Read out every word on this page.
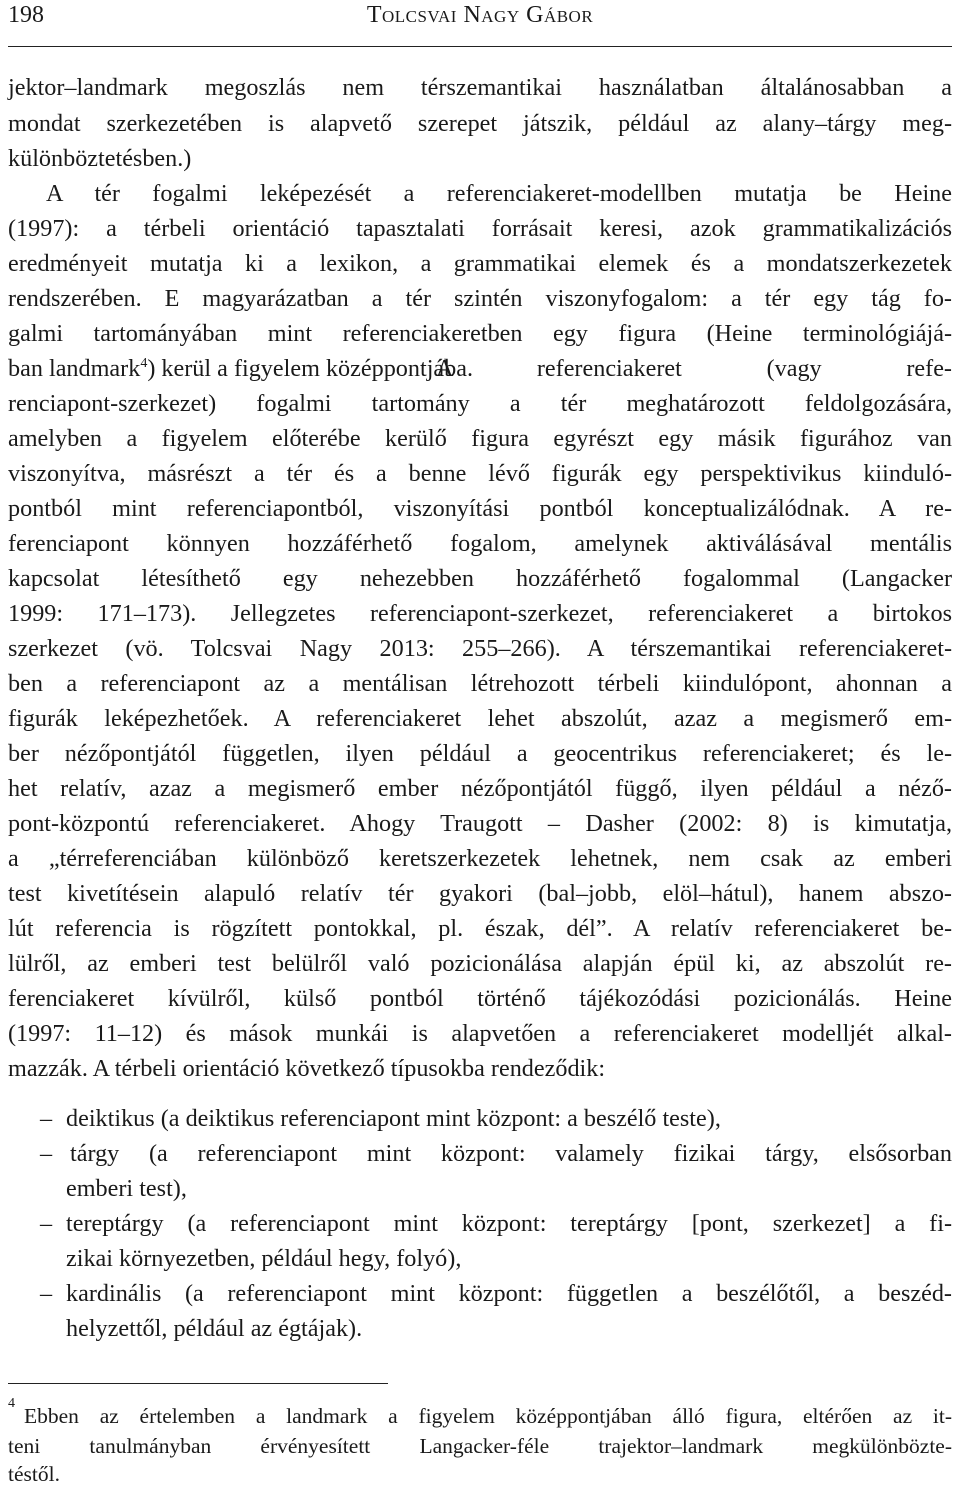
198	Tolcsvai Nagy Gábor
jektor–landmark megoszlás nem térszemantikai használatban általánosabban a
mondat szerkezetében is alapvető szerepet játszik, például az alany–tárgy meg-
különböztetésben.)
A tér fogalmi leképezését a referenciakeret-modellben mutatja be Heine
(1997): a térbeli orientáció tapasztalati forrásait keresi, azok grammatikalizációs
eredményeit mutatja ki a lexikon, a grammatikai elemek és a mondatszerkezetek
rendszerében. E magyarázatban a tér szintén viszonyfogalom: a tér egy tág fo-
galmi tartományában mint referenciakeretben egy figura (Heine terminológiájá-
ban landmark$^4$) kerül a figyelem középpontjába.
A referenciakeret (vagy refe-
renciapont-szerkezet) fogalmi tartomány a tér meghatározott feldolgozására,
amelyben a figyelem előterébe kerülő figura egyrészt egy másik figurához van
viszonyítva, másrészt a tér és a benne lévő figurák egy perspektivikus kiinduló-
pontból mint referenciapontból, viszonyítási pontból konceptualizálódnak. A re-
ferenciapont könnyen hozzáférhető fogalom, amelynek aktiválásával mentális
kapcsolat létesíthető egy nehezebben hozzáférhető fogalommal (Langacker
1999: 171–173). Jellegzetes referenciapont-szerkezet, referenciakeret a birtokos
szerkezet (vö. Tolcsvai Nagy 2013: 255–266). A térszemantikai referenciakeret-
ben a referenciapont az a mentálisan létrehozott térbeli kiindulópont, ahonnan a
figurák leképezhetőek. A referenciakeret lehet abszolút, azaz a megismerő em-
ber nézőpontjától független, ilyen például a geocentrikus referenciakeret; és le-
het relatív, azaz a megismerő ember nézőpontjától függő, ilyen például a néző-
pont-központú referenciakeret. Ahogy Traugott – Dasher (2002: 8) is kimutatja,
a „térreferenciában különböző keretszerkezetek lehetnek, nem csak az emberi
test kivetítésein alapuló relatív tér gyakori (bal–jobb, elöl–hátul), hanem abszo-
lút referencia is rögzített pontokkal, pl. észak, dél”. A relatív referenciakeret be-
lülről, az emberi test belülről való pozicionálása alapján épül ki, az abszolút re-
ferenciakeret kívülről, külső pontból történő tájékozódási pozicionálás. Heine
(1997: 11–12) és mások munkái is alapvetően a referenciakeret modelljét alkal-
mazzák. A térbeli orientáció következő típusokba rendeződik:
– deiktikus (a deiktikus referenciapont mint központ: a beszélő teste),
– tárgy (a referenciapont mint központ: valamely fizikai tárgy, elsősorban
emberi test),
– tereptárgy (a referenciapont mint központ: tereptárgy [pont, szerkezet] a fi-
zikai környezetben, például hegy, folyó),
– kardinális (a referenciapont mint központ: független a beszélőtől, a beszéd-
helyzettől, például az égtájak).
4
Ebben az értelemben a landmark a figyelem középpontjában álló figura, eltérően az it-
teni tanulmányban érvényesített Langacker-féle trajektor–landmark megkülönbözte-
téstől.
